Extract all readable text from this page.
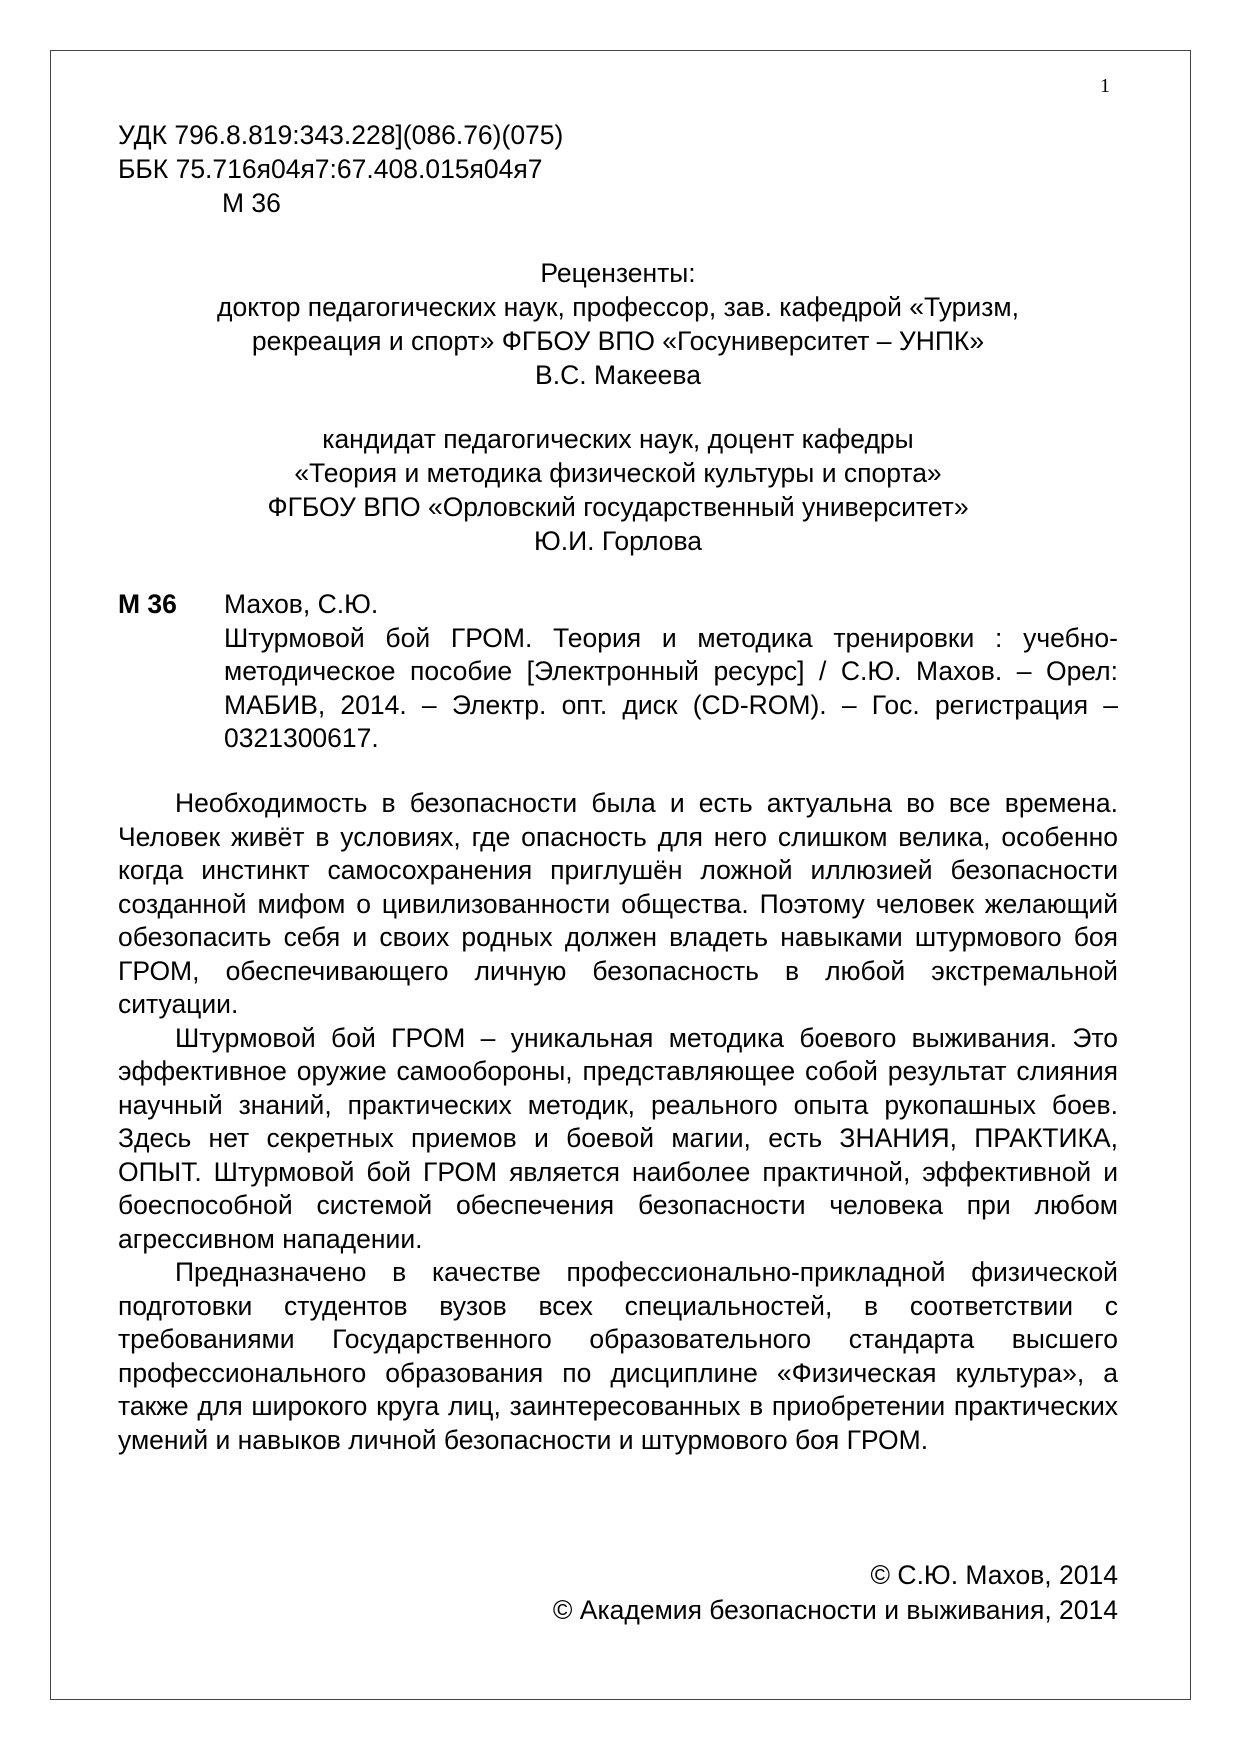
1
УДК 796.8.819:343.228](086.76)(075)
ББК 75.716я04я7:67.408.015я04я7
М 36
Рецензенты:
доктор педагогических наук, профессор, зав. кафедрой «Туризм,
рекреация и спорт» ФГБОУ ВПО «Госуниверситет – УНПК»
В.С. Макеева
кандидат педагогических наук, доцент кафедры
«Теория и методика физической культуры и спорта»
ФГБОУ ВПО «Орловский государственный университет»
Ю.И. Горлова
М 36 Махов, С.Ю.
Штурмовой бой ГРОМ. Теория и методика тренировки : учебно-методическое пособие [Электронный ресурс] / С.Ю. Махов. – Орел: МАБИВ, 2014. – Электр. опт. диск (CD-ROM). – Гос. регистрация – 0321300617.

Необходимость в безопасности была и есть актуальна во все времена. Человек живёт в условиях, где опасность для него слишком велика, особенно когда инстинкт самосохранения приглушён ложной иллюзией безопасности созданной мифом о цивилизованности общества. Поэтому человек желающий обезопасить себя и своих родных должен владеть навыками штурмового боя ГРОМ, обеспечивающего личную безопасность в любой экстремальной ситуации.

Штурмовой бой ГРОМ – уникальная методика боевого выживания. Это эффективное оружие самообороны, представляющее собой результат слияния научный знаний, практических методик, реального опыта рукопашных боев. Здесь нет секретных приемов и боевой магии, есть ЗНАНИЯ, ПРАКТИКА, ОПЫТ. Штурмовой бой ГРОМ является наиболее практичной, эффективной и боеспособной системой обеспечения безопасности человека при любом агрессивном нападении.

Предназначено в качестве профессионально-прикладной физической подготовки студентов вузов всех специальностей, в соответствии с требованиями Государственного образовательного стандарта высшего профессионального образования по дисциплине «Физическая культура», а также для широкого круга лиц, заинтересованных в приобретении практических умений и навыков личной безопасности и штурмового боя ГРОМ.

© С.Ю. Махов, 2014
© Академия безопасности и выживания, 2014
